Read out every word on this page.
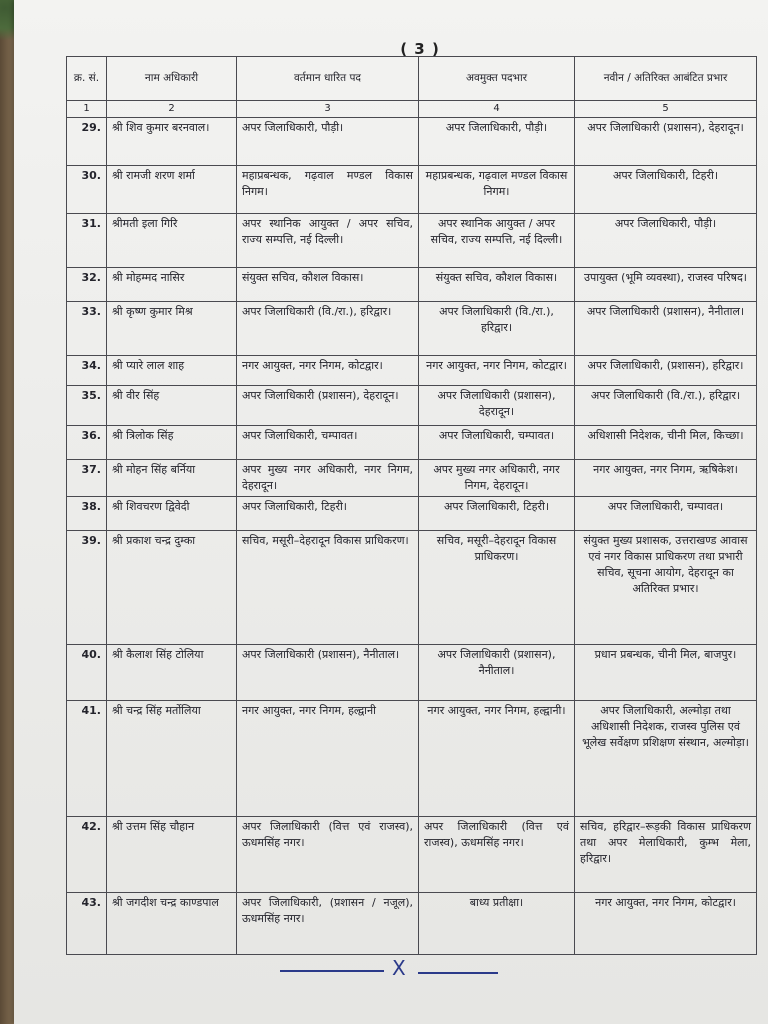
( 3 )
क्र. सं.	नाम अधिकारी	वर्तमान धारित पद	अवमुक्त पदभार	नवीन / अतिरिक्त आबंटित प्रभार
1	2	3	4	5
29.	श्री शिव कुमार बरनवाल।	अपर जिलाधिकारी, पौड़ी।	अपर जिलाधिकारी, पौड़ी।	अपर जिलाधिकारी (प्रशासन), देहरादून।
30.	श्री रामजी शरण शर्मा	महाप्रबन्धक, गढ़वाल मण्डल विकास निगम।	महाप्रबन्धक, गढ़वाल मण्डल विकास निगम।	अपर जिलाधिकारी, टिहरी।
31.	श्रीमती इला गिरि	अपर स्थानिक आयुक्त / अपर सचिव, राज्य सम्पत्ति, नई दिल्ली।	अपर स्थानिक आयुक्त / अपर सचिव, राज्य सम्पत्ति, नई दिल्ली।	अपर जिलाधिकारी, पौड़ी।
32.	श्री मोहम्मद नासिर	संयुक्त सचिव, कौशल विकास।	संयुक्त सचिव, कौशल विकास।	उपायुक्त (भूमि व्यवस्था), राजस्व परिषद।
33.	श्री कृष्ण कुमार मिश्र	अपर जिलाधिकारी (वि./रा.), हरिद्वार।	अपर जिलाधिकारी (वि./रा.), हरिद्वार।	अपर जिलाधिकारी (प्रशासन), नैनीताल।
34.	श्री प्यारे लाल शाह	नगर आयुक्त, नगर निगम, कोटद्वार।	नगर आयुक्त, नगर निगम, कोटद्वार।	अपर जिलाधिकारी, (प्रशासन), हरिद्वार।
35.	श्री वीर सिंह	अपर जिलाधिकारी (प्रशासन), देहरादून।	अपर जिलाधिकारी (प्रशासन), देहरादून।	अपर जिलाधिकारी (वि./रा.), हरिद्वार।
36.	श्री त्रिलोक सिंह	अपर जिलाधिकारी, चम्पावत।	अपर जिलाधिकारी, चम्पावत।	अधिशासी निदेशक, चीनी मिल, किच्छा।
37.	श्री मोहन सिंह बर्निया	अपर मुख्य नगर अधिकारी, नगर निगम, देहरादून।	अपर मुख्य नगर अधिकारी, नगर निगम, देहरादून।	नगर आयुक्त, नगर निगम, ऋषिकेश।
38.	श्री शिवचरण द्विवेदी	अपर जिलाधिकारी, टिहरी।	अपर जिलाधिकारी, टिहरी।	अपर जिलाधिकारी, चम्पावत।
39.	श्री प्रकाश चन्द्र दुम्का	सचिव, मसूरी–देहरादून विकास प्राधिकरण।	सचिव, मसूरी–देहरादून विकास प्राधिकरण।	संयुक्त मुख्य प्रशासक, उत्तराखण्ड आवास एवं नगर विकास प्राधिकरण तथा प्रभारी सचिव, सूचना आयोग, देहरादून का अतिरिक्त प्रभार।
40.	श्री कैलाश सिंह टोलिया	अपर जिलाधिकारी (प्रशासन), नैनीताल।	अपर जिलाधिकारी (प्रशासन), नैनीताल।	प्रधान प्रबन्धक, चीनी मिल, बाजपुर।
41.	श्री चन्द्र सिंह मर्तोलिया	नगर आयुक्त, नगर निगम, हल्द्वानी	नगर आयुक्त, नगर निगम, हल्द्वानी।	अपर जिलाधिकारी, अल्मोड़ा तथा अधिशासी निदेशक, राजस्व पुलिस एवं भूलेख सर्वेक्षण प्रशिक्षण संस्थान, अल्मोड़ा।
42.	श्री उत्तम सिंह चौहान	अपर जिलाधिकारी (वित्त एवं राजस्व), ऊधमसिंह नगर।	अपर जिलाधिकारी (वित्त एवं राजस्व), ऊधमसिंह नगर।	सचिव, हरिद्वार–रूड़की विकास प्राधिकरण तथा अपर मेलाधिकारी, कुम्भ मेला, हरिद्वार।
43.	श्री जगदीश चन्द्र काण्डपाल	अपर जिलाधिकारी, (प्रशासन / नजूल), ऊधमसिंह नगर।	बाध्य प्रतीक्षा।	नगर आयुक्त, नगर निगम, कोटद्वार।
X
